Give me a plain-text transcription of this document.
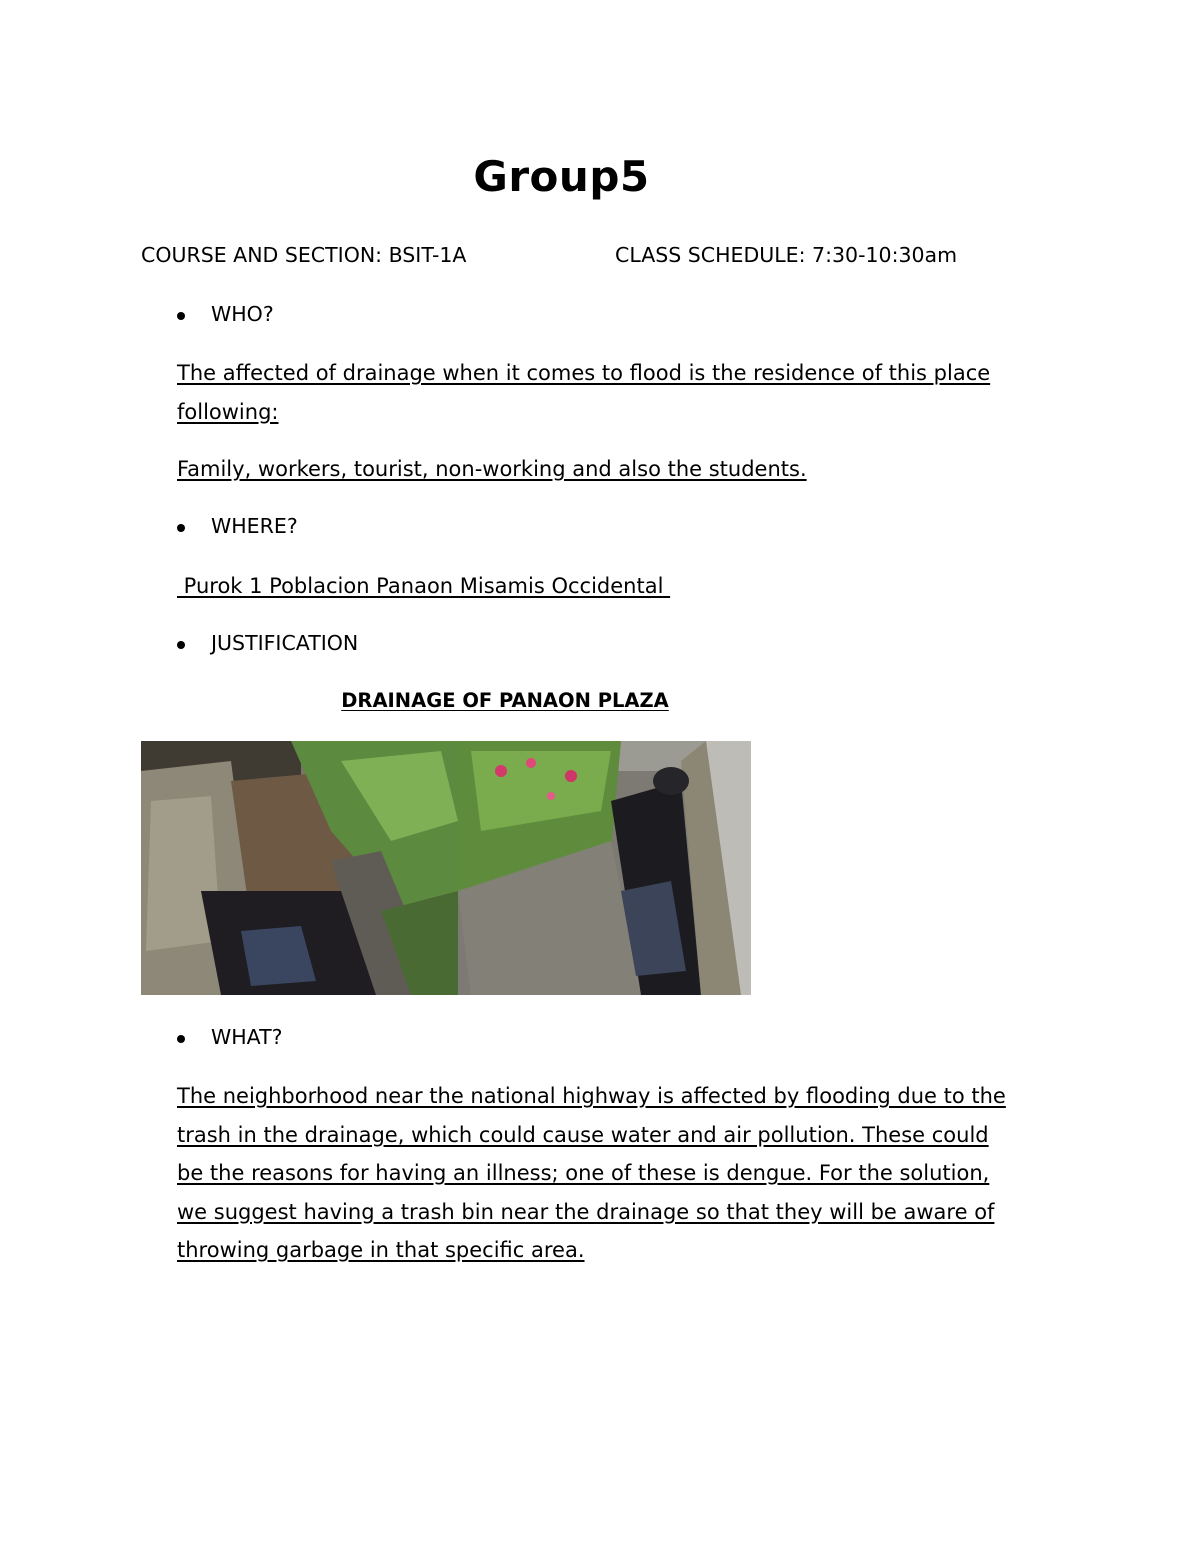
Group5
COURSE AND SECTION: BSIT-1A	CLASS SCHEDULE: 7:30-10:30am
WHO?
The affected of drainage when it comes to flood is the residence of this place
following:
Family, workers, tourist, non-working and also the students.
WHERE?
Purok 1 Poblacion Panaon Misamis Occidental
JUSTIFICATION
DRAINAGE OF PANAON PLAZA
WHAT?
The neighborhood near the national highway is affected by flooding due to the
trash in the drainage, which could cause water and air pollution. These could
be the reasons for having an illness; one of these is dengue. For the solution,
we suggest having a trash bin near the drainage so that they will be aware of
throwing garbage in that specific area.
